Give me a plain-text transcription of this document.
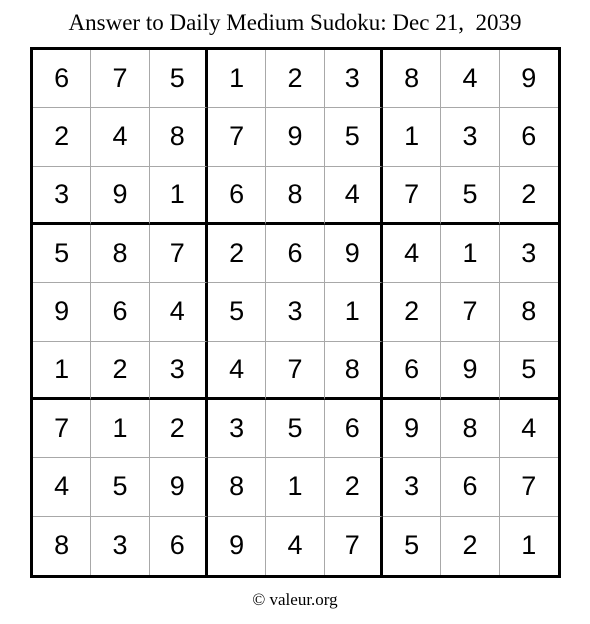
Answer to Daily Medium Sudoku: Dec 21,  2039
6	7	5	1	2	3	8	4	9
2	4	8	7	9	5	1	3	6
3	9	1	6	8	4	7	5	2
5	8	7	2	6	9	4	1	3
9	6	4	5	3	1	2	7	8
1	2	3	4	7	8	6	9	5
7	1	2	3	5	6	9	8	4
4	5	9	8	1	2	3	6	7
8	3	6	9	4	7	5	2	1
© valeur.org
